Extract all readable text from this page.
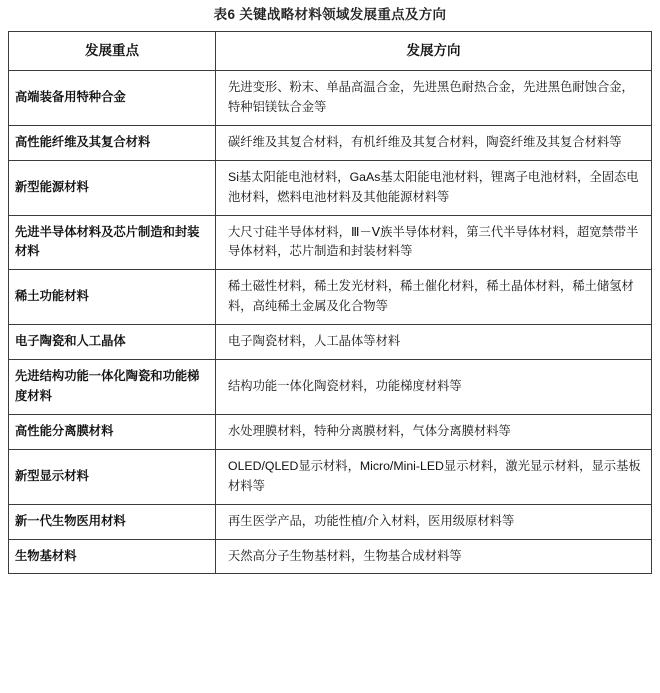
表6 关键战略材料领域发展重点及方向
发展重点	发展方向
高端装备用特种合金	先进变形、粉末、单晶高温合金，先进黑色耐热合金，先进黑色耐蚀合金，特种铝镁钛合金等
高性能纤维及其复合材料	碳纤维及其复合材料，有机纤维及其复合材料，陶瓷纤维及其复合材料等
新型能源材料	Si基太阳能电池材料，GaAs基太阳能电池材料，锂离子电池材料，全固态电池材料，燃料电池材料及其他能源材料等
先进半导体材料及芯片制造和封装材料	大尺寸硅半导体材料，Ⅲ－Ⅴ族半导体材料，第三代半导体材料，超宽禁带半导体材料，芯片制造和封装材料等
稀土功能材料	稀土磁性材料，稀土发光材料，稀土催化材料，稀土晶体材料，稀土储氢材料，高纯稀土金属及化合物等
电子陶瓷和人工晶体	电子陶瓷材料，人工晶体等材料
先进结构功能一体化陶瓷和功能梯度材料	结构功能一体化陶瓷材料，功能梯度材料等
高性能分离膜材料	水处理膜材料，特种分离膜材料，气体分离膜材料等
新型显示材料	OLED/QLED显示材料，Micro/Mini-LED显示材料，激光显示材料，显示基板材料等
新一代生物医用材料	再生医学产品，功能性植/介入材料，医用级原材料等
生物基材料	天然高分子生物基材料，生物基合成材料等
